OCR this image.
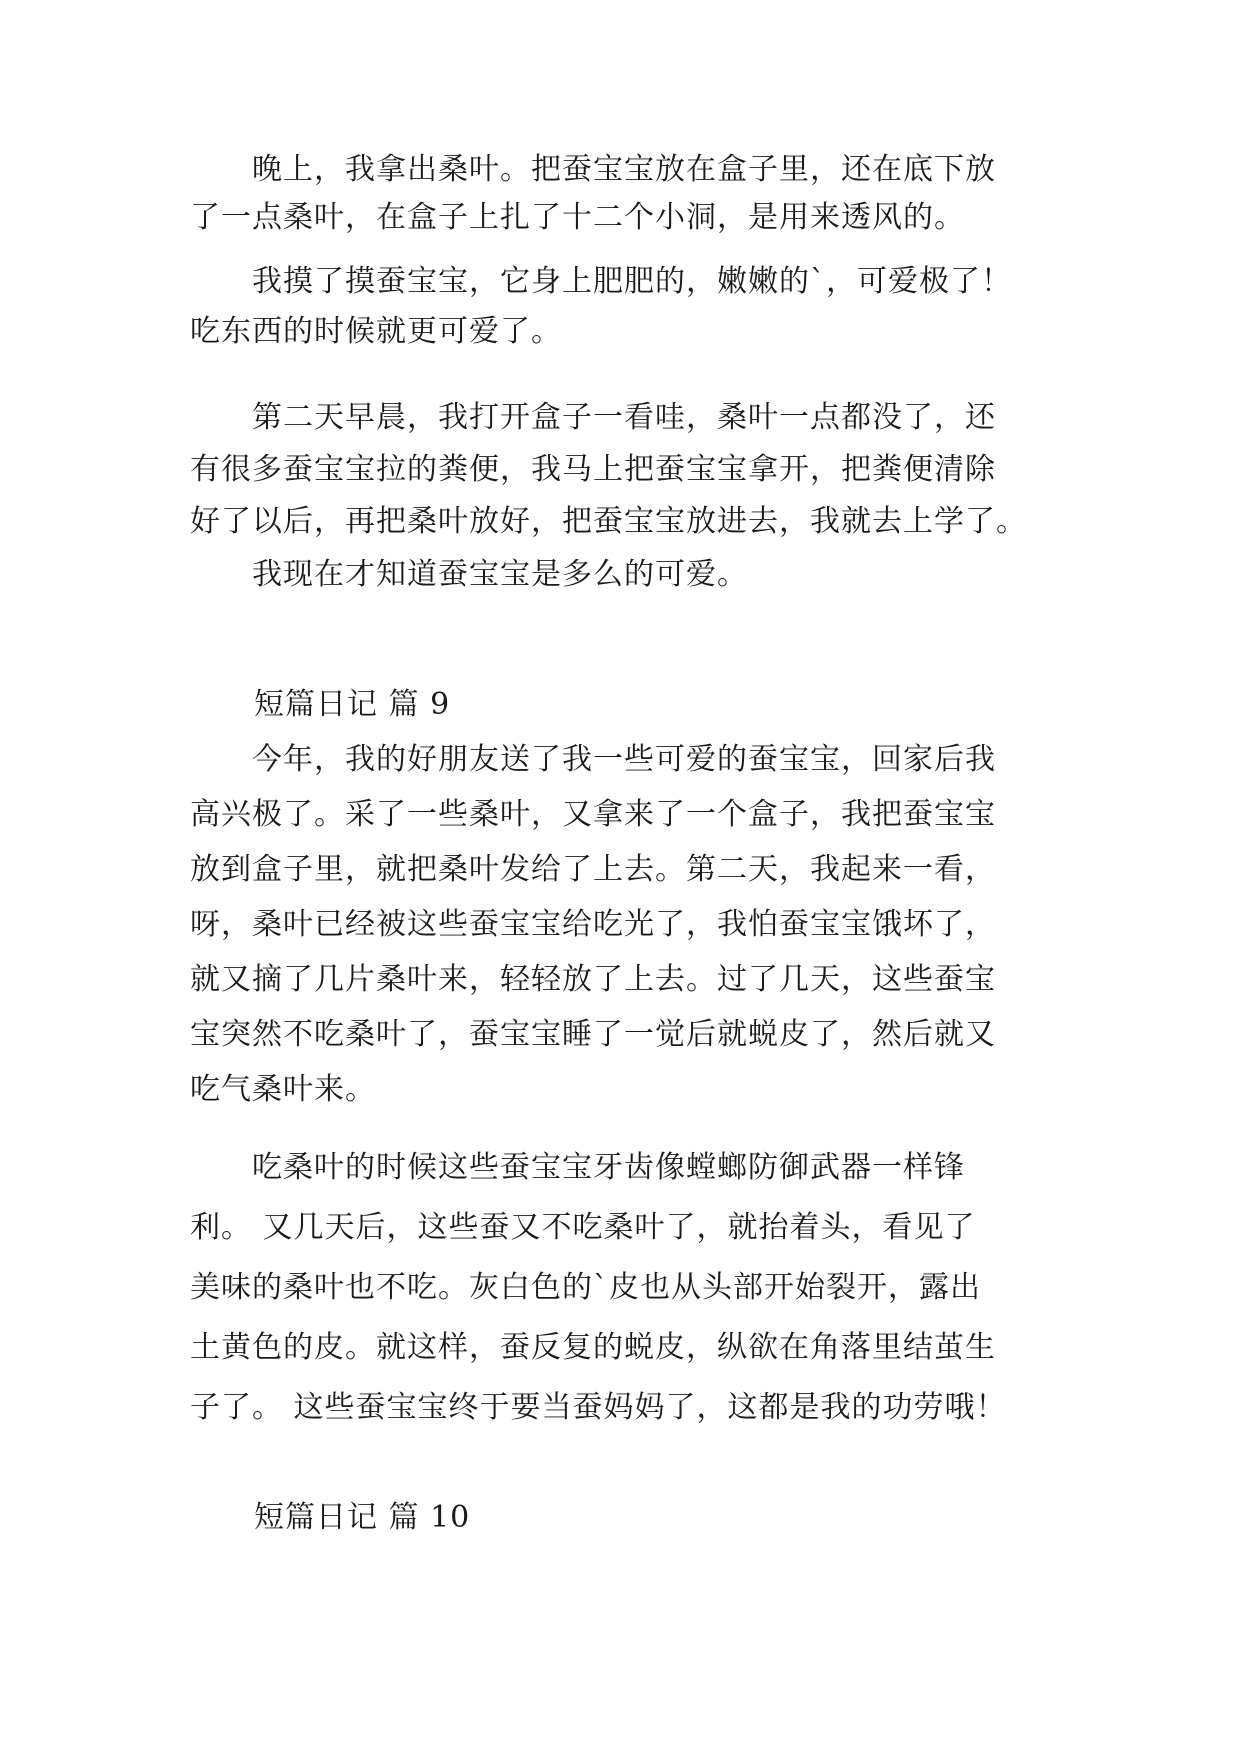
　　晚上，我拿出桑叶。把蚕宝宝放在盒子里，还在底下放
了一点桑叶，在盒子上扎了十二个小洞，是用来透风的。
　　我摸了摸蚕宝宝，它身上肥肥的，嫩嫩的`，可爱极了！
吃东西的时候就更可爱了。
　　第二天早晨，我打开盒子一看哇，桑叶一点都没了，还
有很多蚕宝宝拉的粪便，我马上把蚕宝宝拿开，把粪便清除
好了以后，再把桑叶放好，把蚕宝宝放进去，我就去上学了。
　　我现在才知道蚕宝宝是多么的可爱。
短篇日记 篇 9
　　今年，我的好朋友送了我一些可爱的蚕宝宝，回家后我
高兴极了。采了一些桑叶，又拿来了一个盒子，我把蚕宝宝
放到盒子里，就把桑叶发给了上去。第二天，我起来一看，
呀，桑叶已经被这些蚕宝宝给吃光了，我怕蚕宝宝饿坏了，
就又摘了几片桑叶来，轻轻放了上去。过了几天，这些蚕宝
宝突然不吃桑叶了，蚕宝宝睡了一觉后就蜕皮了，然后就又
吃气桑叶来。
　　吃桑叶的时候这些蚕宝宝牙齿像螳螂防御武器一样锋
利。 又几天后，这些蚕又不吃桑叶了，就抬着头，看见了
美味的桑叶也不吃。灰白色的`皮也从头部开始裂开，露出
土黄色的皮。就这样，蚕反复的蜕皮，纵欲在角落里结茧生
子了。 这些蚕宝宝终于要当蚕妈妈了，这都是我的功劳哦！
短篇日记 篇 10
